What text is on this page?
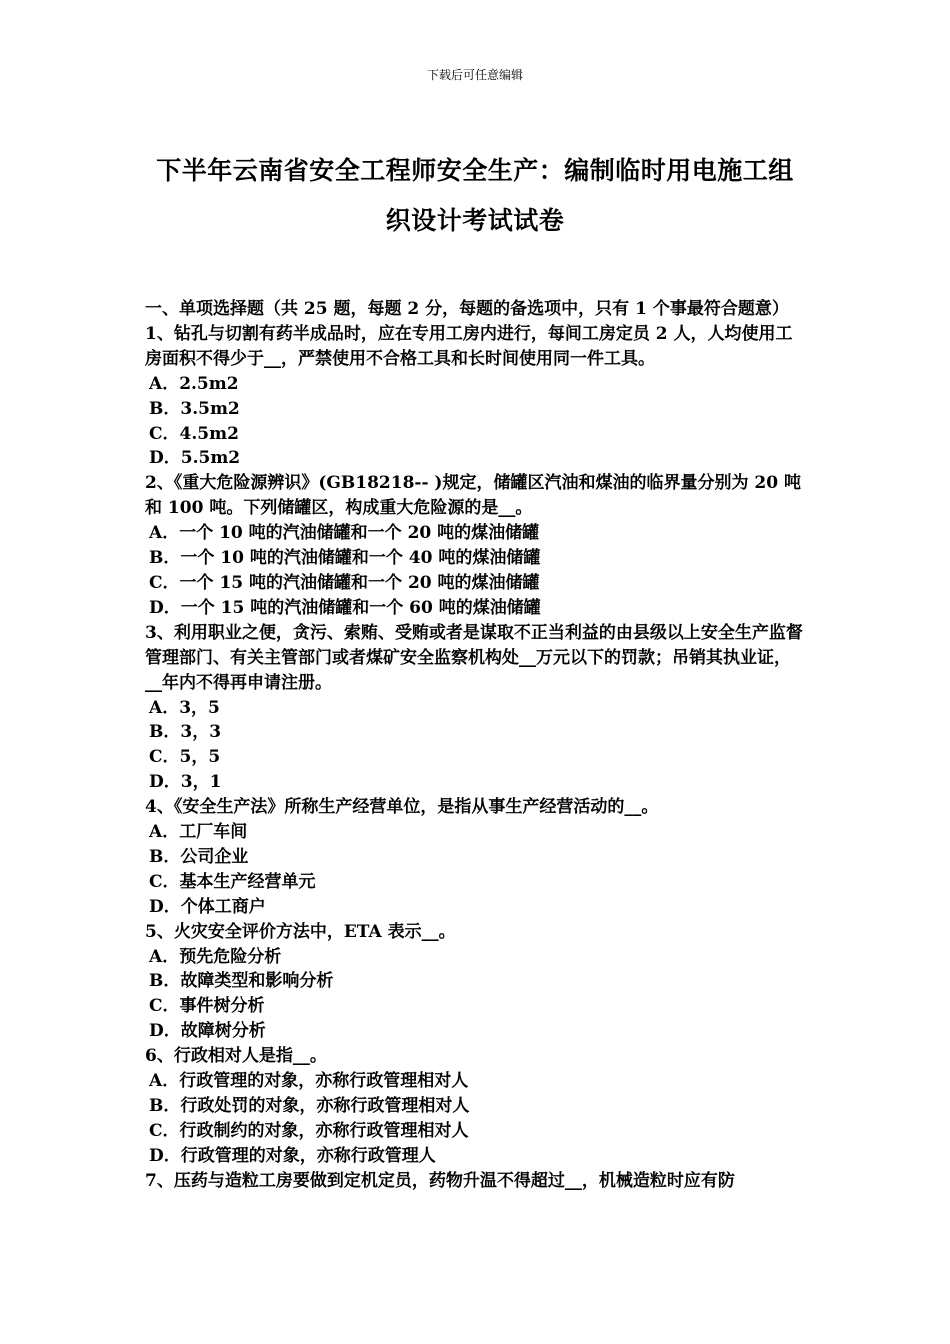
下载后可任意编辑
下半年云南省安全工程师安全生产：编制临时用电施工组
织设计考试试卷

一、单项选择题（共 25 题，每题 2 分，每题的备选项中，只有 1 个事最符合题意）

1、钻孔与切割有药半成品时，应在专用工房内进行，每间工房定员 2 人，人均使用工房面积不得少于__，严禁使用不合格工具和长时间使用同一件工具。

A．2.5m2

B．3.5m2

C．4.5m2

D．5.5m2

2、《重大危险源辨识》(GB18218-- )规定，储罐区汽油和煤油的临界量分别为 20 吨和 100 吨。下列储罐区，构成重大危险源的是__。

A．一个 10 吨的汽油储罐和一个 20 吨的煤油储罐

B．一个 10 吨的汽油储罐和一个 40 吨的煤油储罐

C．一个 15 吨的汽油储罐和一个 20 吨的煤油储罐

D．一个 15 吨的汽油储罐和一个 60 吨的煤油储罐

3、利用职业之便，贪污、索贿、受贿或者是谋取不正当利益的由县级以上安全生产监督管理部门、有关主管部门或者煤矿安全监察机构处__万元以下的罚款；吊销其执业证，__年内不得再申请注册。

A．3，5

B．3，3

C．5，5

D．3，1

4、《安全生产法》所称生产经营单位，是指从事生产经营活动的__。

A．工厂车间

B．公司企业

C．基本生产经营单元

D．个体工商户

5、火灾安全评价方法中，ETA 表示__。

A．预先危险分析

B．故障类型和影响分析

C．事件树分析

D．故障树分析

6、行政相对人是指__。

A．行政管理的对象，亦称行政管理相对人

B．行政处罚的对象，亦称行政管理相对人

C．行政制约的对象，亦称行政管理相对人

D．行政管理的对象，亦称行政管理人

7、压药与造粒工房要做到定机定员，药物升温不得超过__，机械造粒时应有防
